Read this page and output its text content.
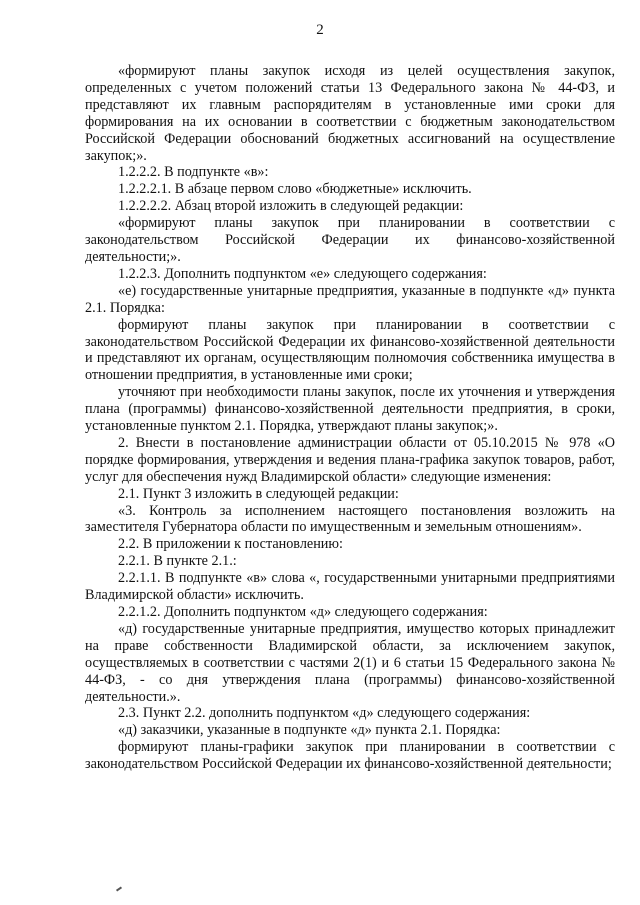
2

«формируют планы закупок исходя из целей осуществления закупок, определенных с учетом положений статьи 13 Федерального закона № 44-ФЗ, и представляют их главным распорядителям в установленные ими сроки для формирования на их основании в соответствии с бюджетным законодательством Российской Федерации обоснований бюджетных ассигнований на осуществление закупок;».

1.2.2.2. В подпункте «в»:

1.2.2.2.1. В абзаце первом слово «бюджетные» исключить.

1.2.2.2.2. Абзац второй изложить в следующей редакции:

«формируют планы закупок при планировании в соответствии с законодательством Российской Федерации их финансово-хозяйственной деятельности;».

1.2.2.3. Дополнить подпунктом «е» следующего содержания:

«е) государственные унитарные предприятия, указанные в подпункте «д» пункта 2.1. Порядка:

формируют планы закупок при планировании в соответствии с законодательством Российской Федерации их финансово-хозяйственной деятельности и представляют их органам, осуществляющим полномочия собственника имущества в отношении предприятия, в установленные ими сроки;

уточняют при необходимости планы закупок, после их уточнения и утверждения плана (программы) финансово-хозяйственной деятельности предприятия, в сроки, установленные пунктом 2.1. Порядка, утверждают планы закупок;».

2. Внести в постановление администрации области от 05.10.2015 № 978 «О порядке формирования, утверждения и ведения плана-графика закупок товаров, работ, услуг для обеспечения нужд Владимирской области» следующие изменения:

2.1. Пункт 3 изложить в следующей редакции:

«3. Контроль за исполнением настоящего постановления возложить на заместителя Губернатора области по имущественным и земельным отношениям».

2.2. В приложении к постановлению:

2.2.1. В пункте 2.1.:

2.2.1.1. В подпункте «в» слова «, государственными унитарными предприятиями Владимирской области» исключить.

2.2.1.2. Дополнить подпунктом «д» следующего содержания:

«д) государственные унитарные предприятия, имущество которых принадлежит на праве собственности Владимирской области, за исключением закупок, осуществляемых в соответствии с частями 2(1) и 6 статьи 15 Федерального закона № 44-ФЗ, - со дня утверждения плана (программы) финансово-хозяйственной деятельности.».

2.3. Пункт 2.2. дополнить подпунктом «д» следующего содержания:

«д) заказчики, указанные в подпункте «д» пункта 2.1. Порядка:

формируют планы-графики закупок при планировании в соответствии с законодательством Российской Федерации их финансово-хозяйственной деятельности;
